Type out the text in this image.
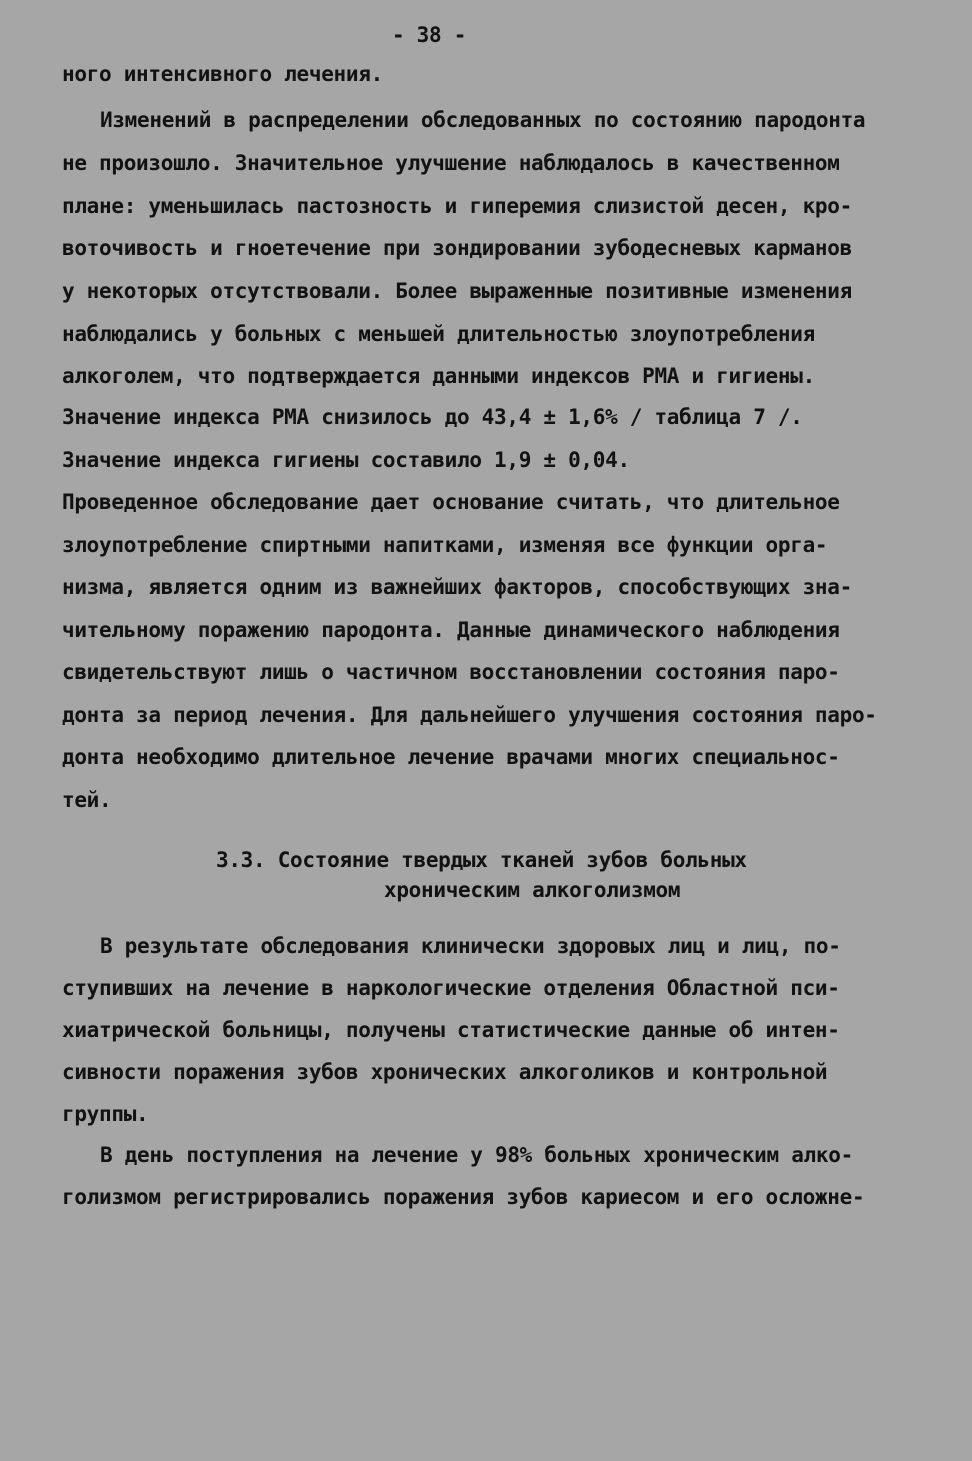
- 38 -
ного интенсивного лечения.
Изменений в распределении обследованных по состоянию пародонта
не произошло. Значительное улучшение наблюдалось в качественном
плане: уменьшилась пастозность и гиперемия слизистой десен, кро-
воточивость и гноетечение при зондировании зубодесневых карманов
у некоторых отсутствовали. Более выраженные позитивные изменения
наблюдались у больных с меньшей длительностью злоупотребления
алкоголем, что подтверждается данными индексов РМА и гигиены.
Значение индекса РМА снизилось до 43,4 ± 1,6% / таблица 7 /.
Значение индекса гигиены составило 1,9 ± 0,04.
Проведенное обследование дает основание считать, что длительное
злоупотребление спиртными напитками, изменяя все функции орга-
низма, является одним из важнейших факторов, способствующих зна-
чительному поражению пародонта. Данные динамического наблюдения
свидетельствуют лишь о частичном восстановлении состояния паро-
донта за период лечения. Для дальнейшего улучшения состояния паро-
донта необходимо длительное лечение врачами многих специальнос-
тей.
3.3. Состояние твердых тканей зубов больных
хроническим алкоголизмом
В результате обследования клинически здоровых лиц и лиц, по-
ступивших на лечение в наркологические отделения Областной пси-
хиатрической больницы, получены статистические данные об интен-
сивности поражения зубов хронических алкоголиков и контрольной
группы.
В день поступления на лечение у 98% больных хроническим алко-
голизмом регистрировались поражения зубов кариесом и его осложне-
